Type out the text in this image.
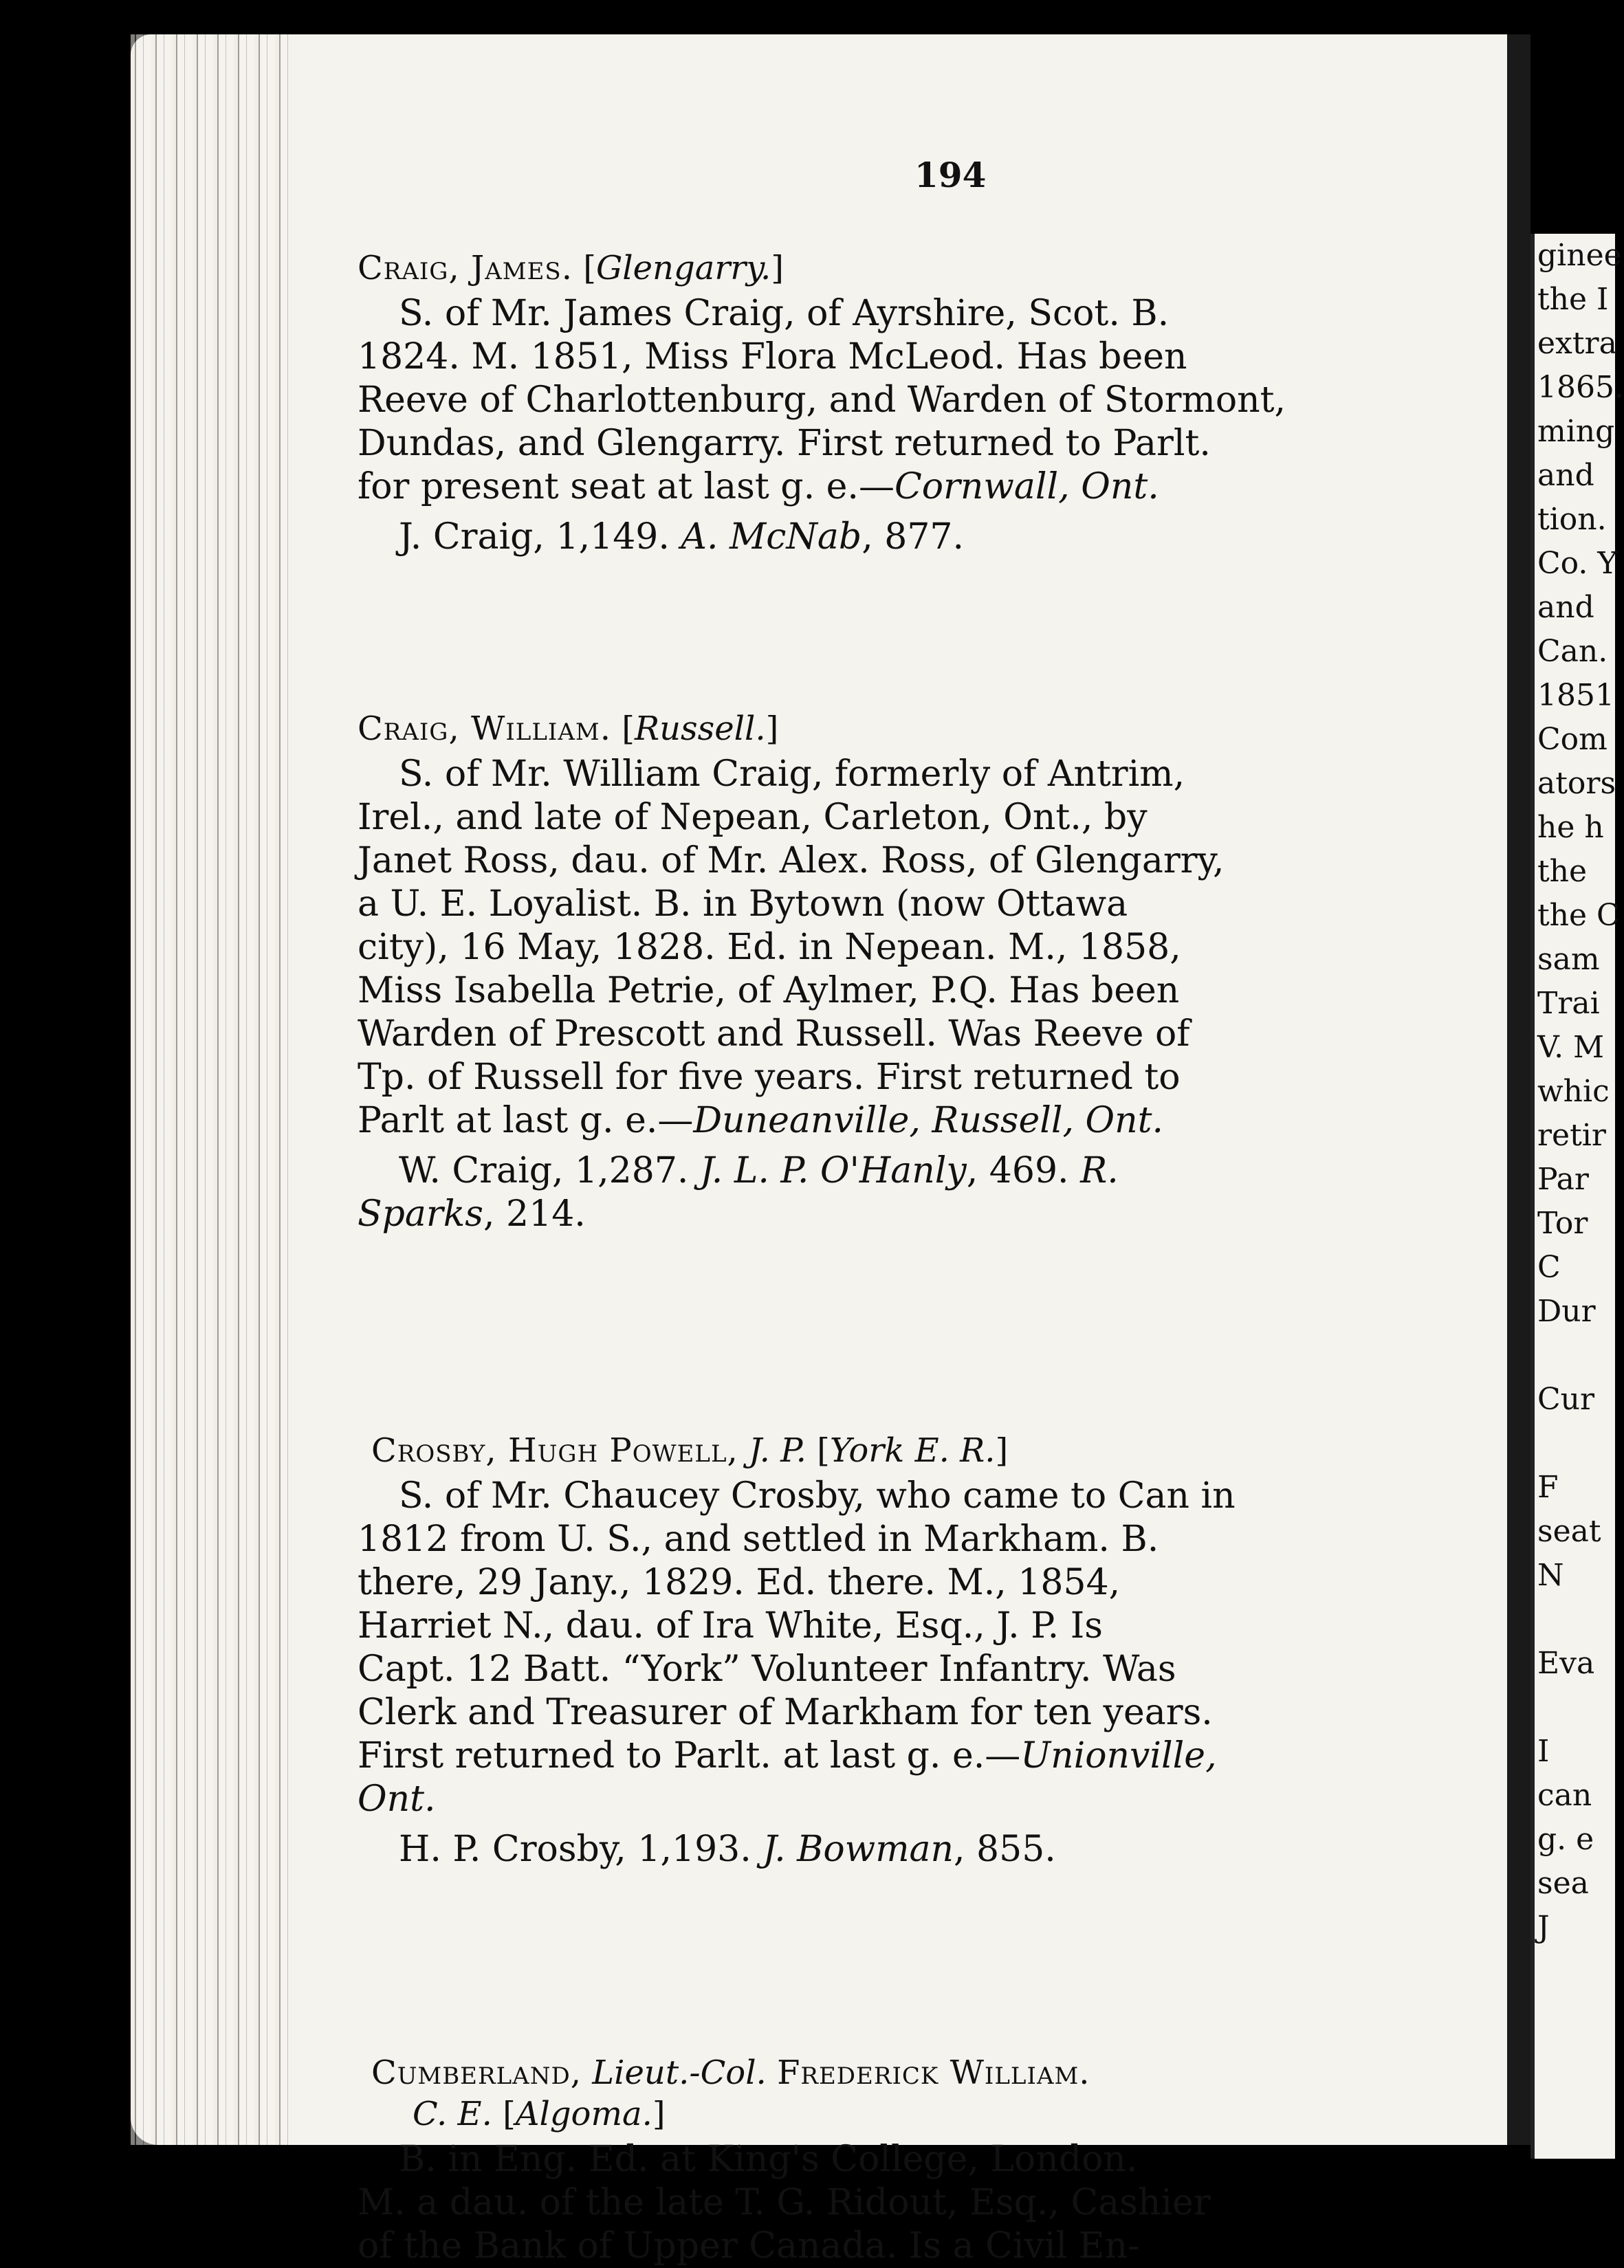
194
Craig, James. [Glengarry.]
S. of Mr. James Craig, of Ayrshire, Scot. B.
1824. M. 1851, Miss Flora McLeod. Has been
Reeve of Charlottenburg, and Warden of Stormont,
Dundas, and Glengarry. First returned to Parlt.
for present seat at last g. e.—Cornwall, Ont.
J. Craig, 1,149. A. McNab, 877.
Craig, William. [Russell.]
S. of Mr. William Craig, formerly of Antrim,
Irel., and late of Nepean, Carleton, Ont., by
Janet Ross, dau. of Mr. Alex. Ross, of Glengarry,
a U. E. Loyalist. B. in Bytown (now Ottawa
city), 16 May, 1828. Ed. in Nepean. M., 1858,
Miss Isabella Petrie, of Aylmer, P.Q. Has been
Warden of Prescott and Russell. Was Reeve of
Tp. of Russell for five years. First returned to
Parlt at last g. e.—Duneanville, Russell, Ont.
W. Craig, 1,287. J. L. P. O'Hanly, 469. R.
Sparks, 214.
Crosby, Hugh Powell, J. P. [York E. R.]
S. of Mr. Chaucey Crosby, who came to Can in
1812 from U. S., and settled in Markham. B.
there, 29 Jany., 1829. Ed. there. M., 1854,
Harriet N., dau. of Ira White, Esq., J. P. Is
Capt. 12 Batt. “York” Volunteer Infantry. Was
Clerk and Treasurer of Markham for ten years.
First returned to Parlt. at last g. e.—Unionville,
Ont.
H. P. Crosby, 1,193. J. Bowman, 855.
Cumberland, Lieut.-Col. Frederick William.
C. E. [Algoma.]
B. in Eng. Ed. at King's College, London.
M. a dau. of the late T. G. Ridout, Esq., Cashier
of the Bank of Upper Canada. Is a Civil En-
ginee
the I
extra
1865.
ming
and
tion.
Co. Y
and
Can.
1851
Com
ators
he h
the
the C
sam
Trai
V. M
whic
retir
Par
Tor
C
Dur

Cur

F
seat
N

Eva

I
can
g. e
sea
J
